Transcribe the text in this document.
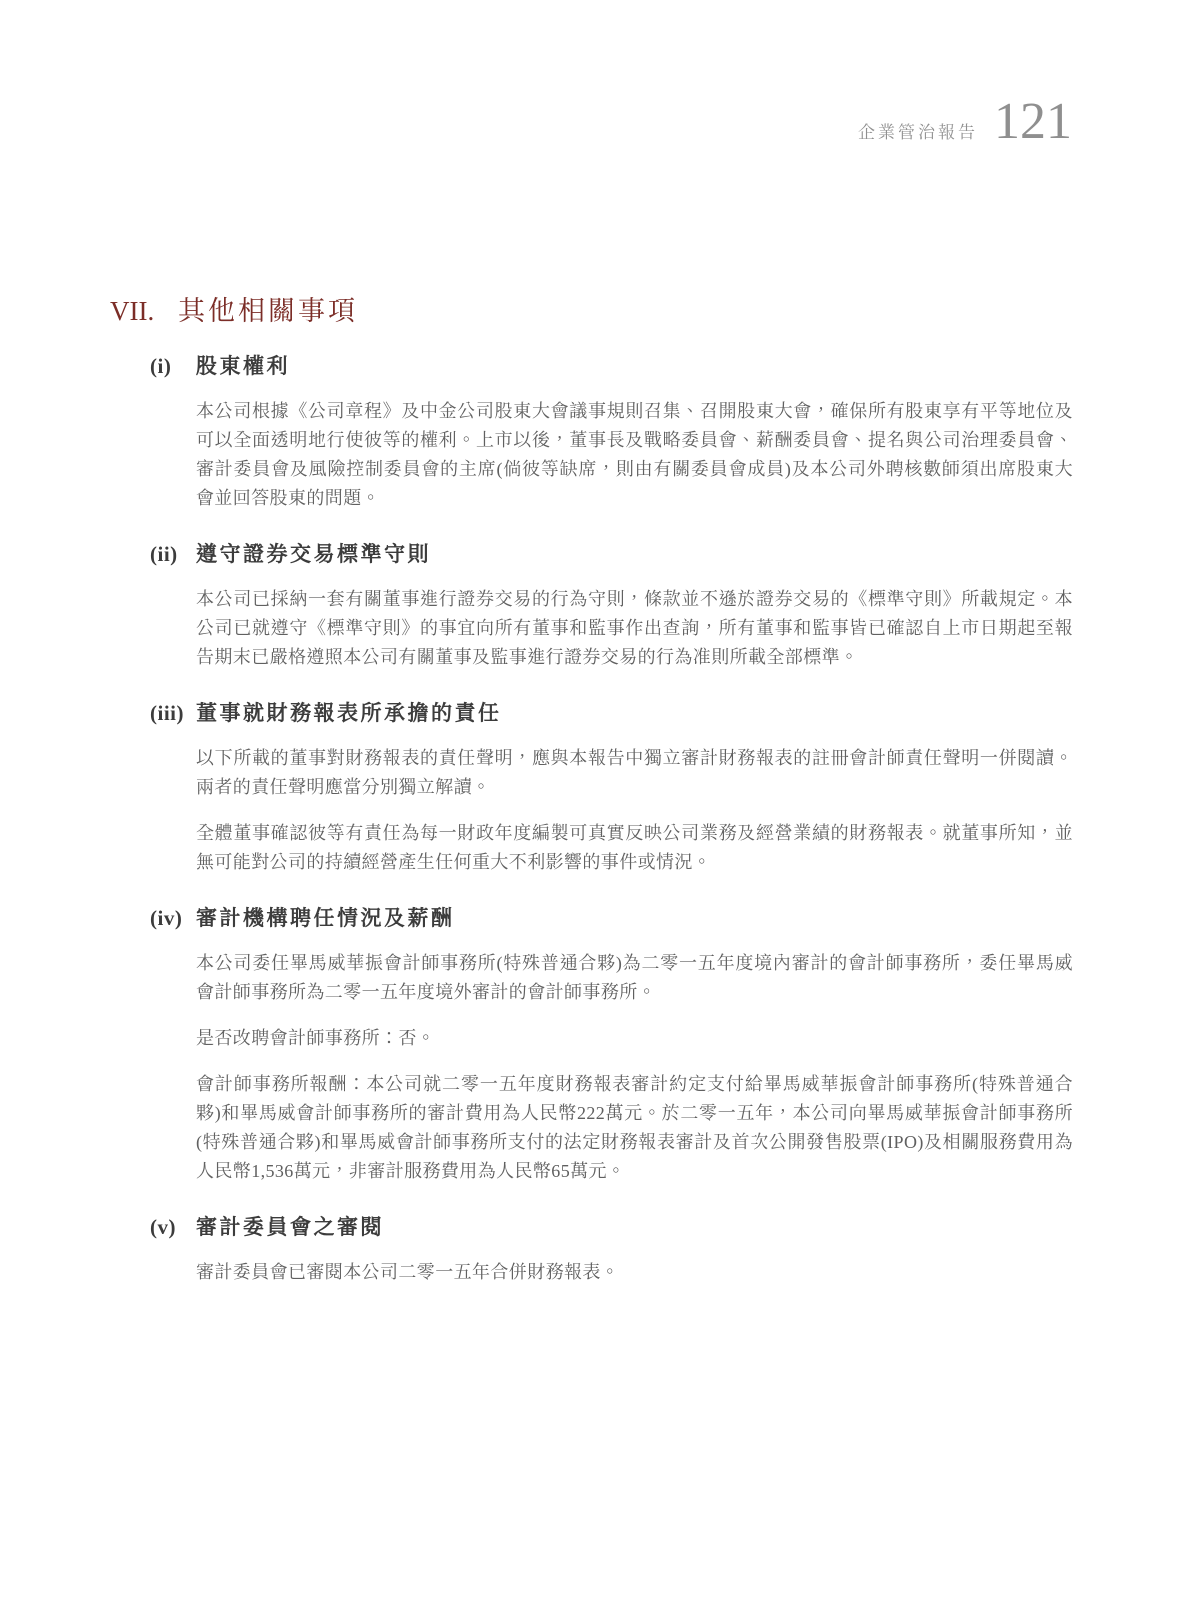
企業管治報告 121
VII. 其他相關事項
(i)	股東權利

本公司根據《公司章程》及中金公司股東大會議事規則召集、召開股東大會，確保所有股東享有平等地位及可以全面透明地行使彼等的權利。上市以後，董事長及戰略委員會、薪酬委員會、提名與公司治理委員會、審計委員會及風險控制委員會的主席(倘彼等缺席，則由有關委員會成員)及本公司外聘核數師須出席股東大會並回答股東的問題。

(ii) 遵守證券交易標準守則

本公司已採納一套有關董事進行證券交易的行為守則，條款並不遜於證券交易的《標準守則》所載規定。本公司已就遵守《標準守則》的事宜向所有董事和監事作出查詢，所有董事和監事皆已確認自上市日期起至報告期末已嚴格遵照本公司有關董事及監事進行證券交易的行為准則所載全部標準。

(iii) 董事就財務報表所承擔的責任

以下所載的董事對財務報表的責任聲明，應與本報告中獨立審計財務報表的註冊會計師責任聲明一併閱讀。兩者的責任聲明應當分別獨立解讀。

全體董事確認彼等有責任為每一財政年度編製可真實反映公司業務及經營業績的財務報表。就董事所知，並無可能對公司的持續經營產生任何重大不利影響的事件或情況。

(iv) 審計機構聘任情況及薪酬

本公司委任畢馬威華振會計師事務所(特殊普通合夥)為二零一五年度境內審計的會計師事務所，委任畢馬威會計師事務所為二零一五年度境外審計的會計師事務所。

是否改聘會計師事務所：否。

會計師事務所報酬：本公司就二零一五年度財務報表審計約定支付給畢馬威華振會計師事務所(特殊普通合夥)和畢馬威會計師事務所的審計費用為人民幣222萬元。於二零一五年，本公司向畢馬威華振會計師事務所(特殊普通合夥)和畢馬威會計師事務所支付的法定財務報表審計及首次公開發售股票(IPO)及相關服務費用為人民幣1,536萬元，非審計服務費用為人民幣65萬元。

(v) 審計委員會之審閱

審計委員會已審閱本公司二零一五年合併財務報表。
